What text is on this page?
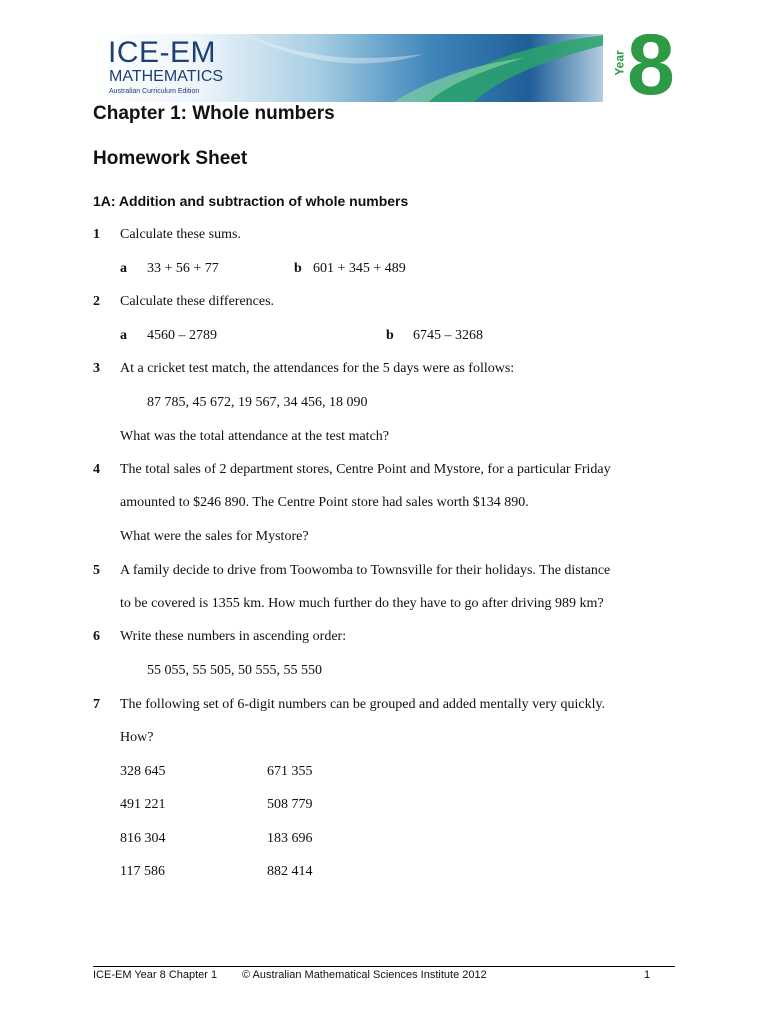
ICE-EM
MATHEMATICS
Australian Curriculum Edition
Year 8
Chapter 1: Whole numbers
Homework Sheet
1A: Addition and subtraction of whole numbers
1 Calculate these sums.
a 33 + 56 + 77	b 601 + 345 + 489
2 Calculate these differences.
a 4560 – 2789	b 6745 – 3268
3 At a cricket test match, the attendances for the 5 days were as follows:
87 785, 45 672, 19 567, 34 456, 18 090
What was the total attendance at the test match?
4 The total sales of 2 department stores, Centre Point and Mystore, for a particular Friday
amounted to $246 890. The Centre Point store had sales worth $134 890.
What were the sales for Mystore?
5 A family decide to drive from Toowomba to Townsville for their holidays. The distance
to be covered is 1355 km. How much further do they have to go after driving 989 km?
6 Write these numbers in ascending order:
55 055, 55 505, 50 555, 55 550
7 The following set of 6-digit numbers can be grouped and added mentally very quickly.
How?
328 645	671 355
491 221	508 779
816 304	183 696
117 586	882 414
ICE-EM Year 8 Chapter 1 © Australian Mathematical Sciences Institute 2012	1
